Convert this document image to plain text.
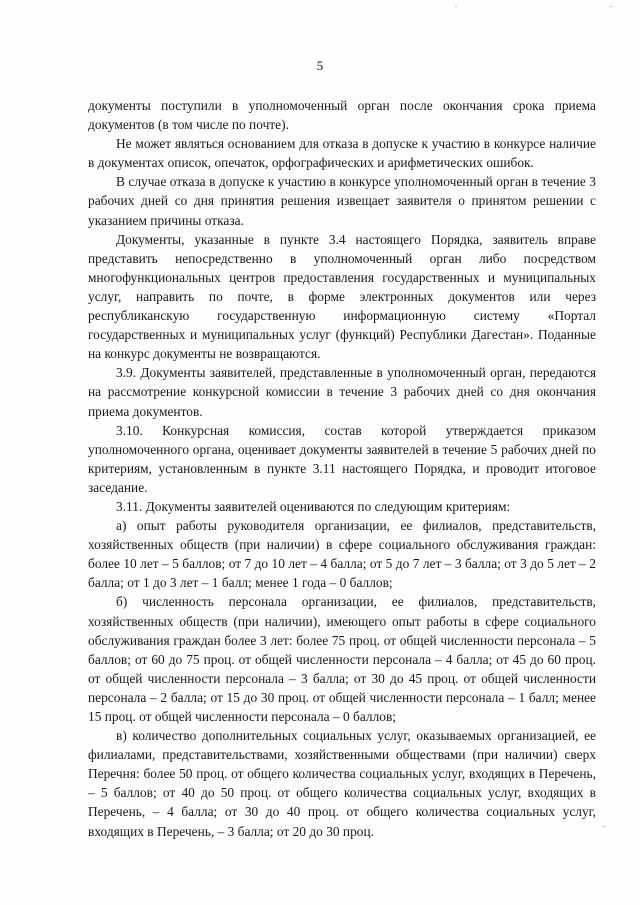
5

документы поступили в уполномоченный орган после окончания срока приема документов (в том числе по почте).

Не может являться основанием для отказа в допуске к участию в конкурсе наличие в документах описок, опечаток, орфографических и арифметических ошибок.

В случае отказа в допуске к участию в конкурсе уполномоченный орган в течение 3 рабочих дней со дня принятия решения извещает заявителя о принятом решении с указанием причины отказа.

Документы, указанные в пункте 3.4 настоящего Порядка, заявитель вправе представить непосредственно в уполномоченный орган либо посредством многофункциональных центров предоставления государственных и муниципальных услуг, направить по почте, в форме электронных документов или через республиканскую государственную информационную систему «Портал государственных и муниципальных услуг (функций) Республики Дагестан». Поданные на конкурс документы не возвращаются.

3.9. Документы заявителей, представленные в уполномоченный орган, передаются на рассмотрение конкурсной комиссии в течение 3 рабочих дней со дня окончания приема документов.

3.10. Конкурсная комиссия, состав которой утверждается приказом уполномоченного органа, оценивает документы заявителей в течение 5 рабочих дней по критериям, установленным в пункте 3.11 настоящего Порядка, и проводит итоговое заседание.

3.11. Документы заявителей оцениваются по следующим критериям:

а) опыт работы руководителя организации, ее филиалов, представительств, хозяйственных обществ (при наличии) в сфере социального обслуживания граждан: более 10 лет – 5 баллов; от 7 до 10 лет – 4 балла; от 5 до 7 лет – 3 балла; от 3 до 5 лет – 2 балла; от 1 до 3 лет – 1 балл; менее 1 года – 0 баллов;

б) численность персонала организации, ее филиалов, представительств, хозяйственных обществ (при наличии), имеющего опыт работы в сфере социального обслуживания граждан более 3 лет: более 75 проц. от общей численности персонала – 5 баллов; от 60 до 75 проц. от общей численности персонала – 4 балла; от 45 до 60 проц. от общей численности персонала – 3 балла; от 30 до 45 проц. от общей численности персонала – 2 балла; от 15 до 30 проц. от общей численности персонала – 1 балл; менее 15 проц. от общей численности персонала – 0 баллов;

в) количество дополнительных социальных услуг, оказываемых организацией, ее филиалами, представительствами, хозяйственными обществами (при наличии) сверх Перечня: более 50 проц. от общего количества социальных услуг, входящих в Перечень, – 5 баллов; от 40 до 50 проц. от общего количества социальных услуг, входящих в Перечень, – 4 балла; от 30 до 40 проц. от общего количества социальных услуг, входящих в Перечень, – 3 балла; от 20 до 30 проц.
